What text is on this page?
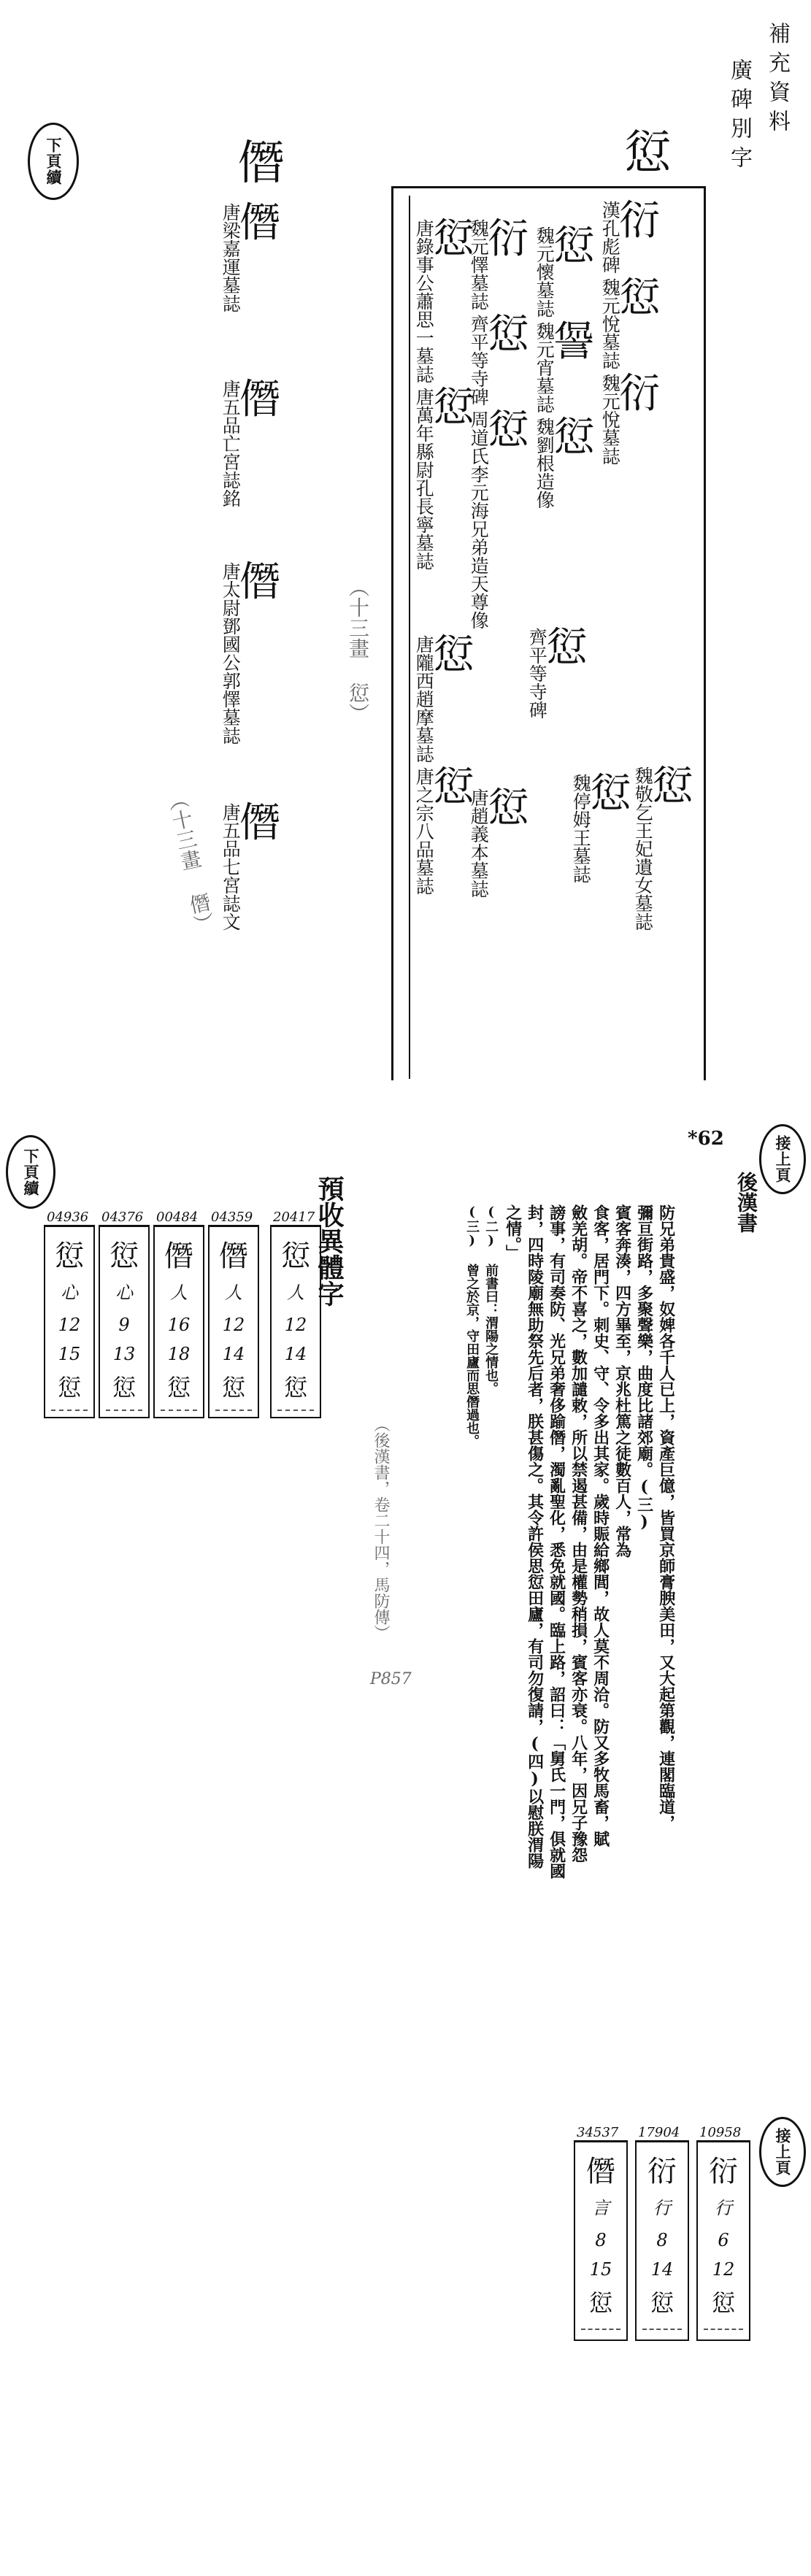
補充資料
廣碑別字
下頁續	愆
僭
衍
漢孔彪碑
愆
魏元悅墓誌
衍
魏元悅墓誌
愆
魏元懷墓誌
諐
魏元宵墓誌
愆
魏劉根造像
衍
魏元懌墓誌
愆
齊平等寺碑
愆
周道氏李元海兄弟造天尊像
愆
魏敬乞王妃遺女墓誌
愆
唐趙義本墓誌
愆
唐錄事公蕭思一墓誌
愆
唐萬年縣尉孔長寧墓誌
愆
唐隴西趙摩墓誌
愆
唐之宗八品墓誌	愆
魏停姆王墓誌
愆
齊平等寺碑
（十三畫 愆）
僭
唐梁嘉運墓誌
僭
唐五品亡宮誌銘
僭
唐太尉鄧國公郭懌墓誌
僭
唐五品七宮誌文
（十三畫 僭）
下頁續
預收異體字
20417
愆
人
12
14
愆
04359
僭
人
12
14
愆
00484
僭
人
16
18
愆
04376
愆
心
9
13
愆
04936
愆
心
12
15
愆
接上頁
*62
後漢書
防兄弟貴盛，奴婢各千人已上，資產巨億，皆買京師膏腴美田，又大起第觀，連閣臨道，
彌亘街路，多聚聲樂，曲度比諸郊廟。(三)
賓客奔湊，四方畢至，京兆杜篤之徒數百人，常為
食客，居門下。刺史、守、令多出其家。歲時賑給鄉閭，故人莫不周洽。防又多牧馬畜，賦
斂羌胡。帝不喜之，數加譴敕，所以禁遏甚備，由是權勢稍損，賓客亦衰。八年，因兄子豫怨
謗事，有司奏防、光兄弟奢侈踰僭，濁亂聖化，悉免就國。臨上路，詔曰：「舅氏一門，俱就國
封，四時陵廟無助祭先后者，朕甚傷之。其令許侯思愆田廬，有司勿復請，(四)以慰朕渭陽
之情。」
(二) 前書曰：渭陽之情也。
(三) 曾之於京，守田廬而思僭過也。
（後漢書，卷二十四，馬防傳）
P857
接上頁
10958
衍
行
6
12
愆
17904
衍
行
8
14
愆
34537
僭
言
8
15
愆
